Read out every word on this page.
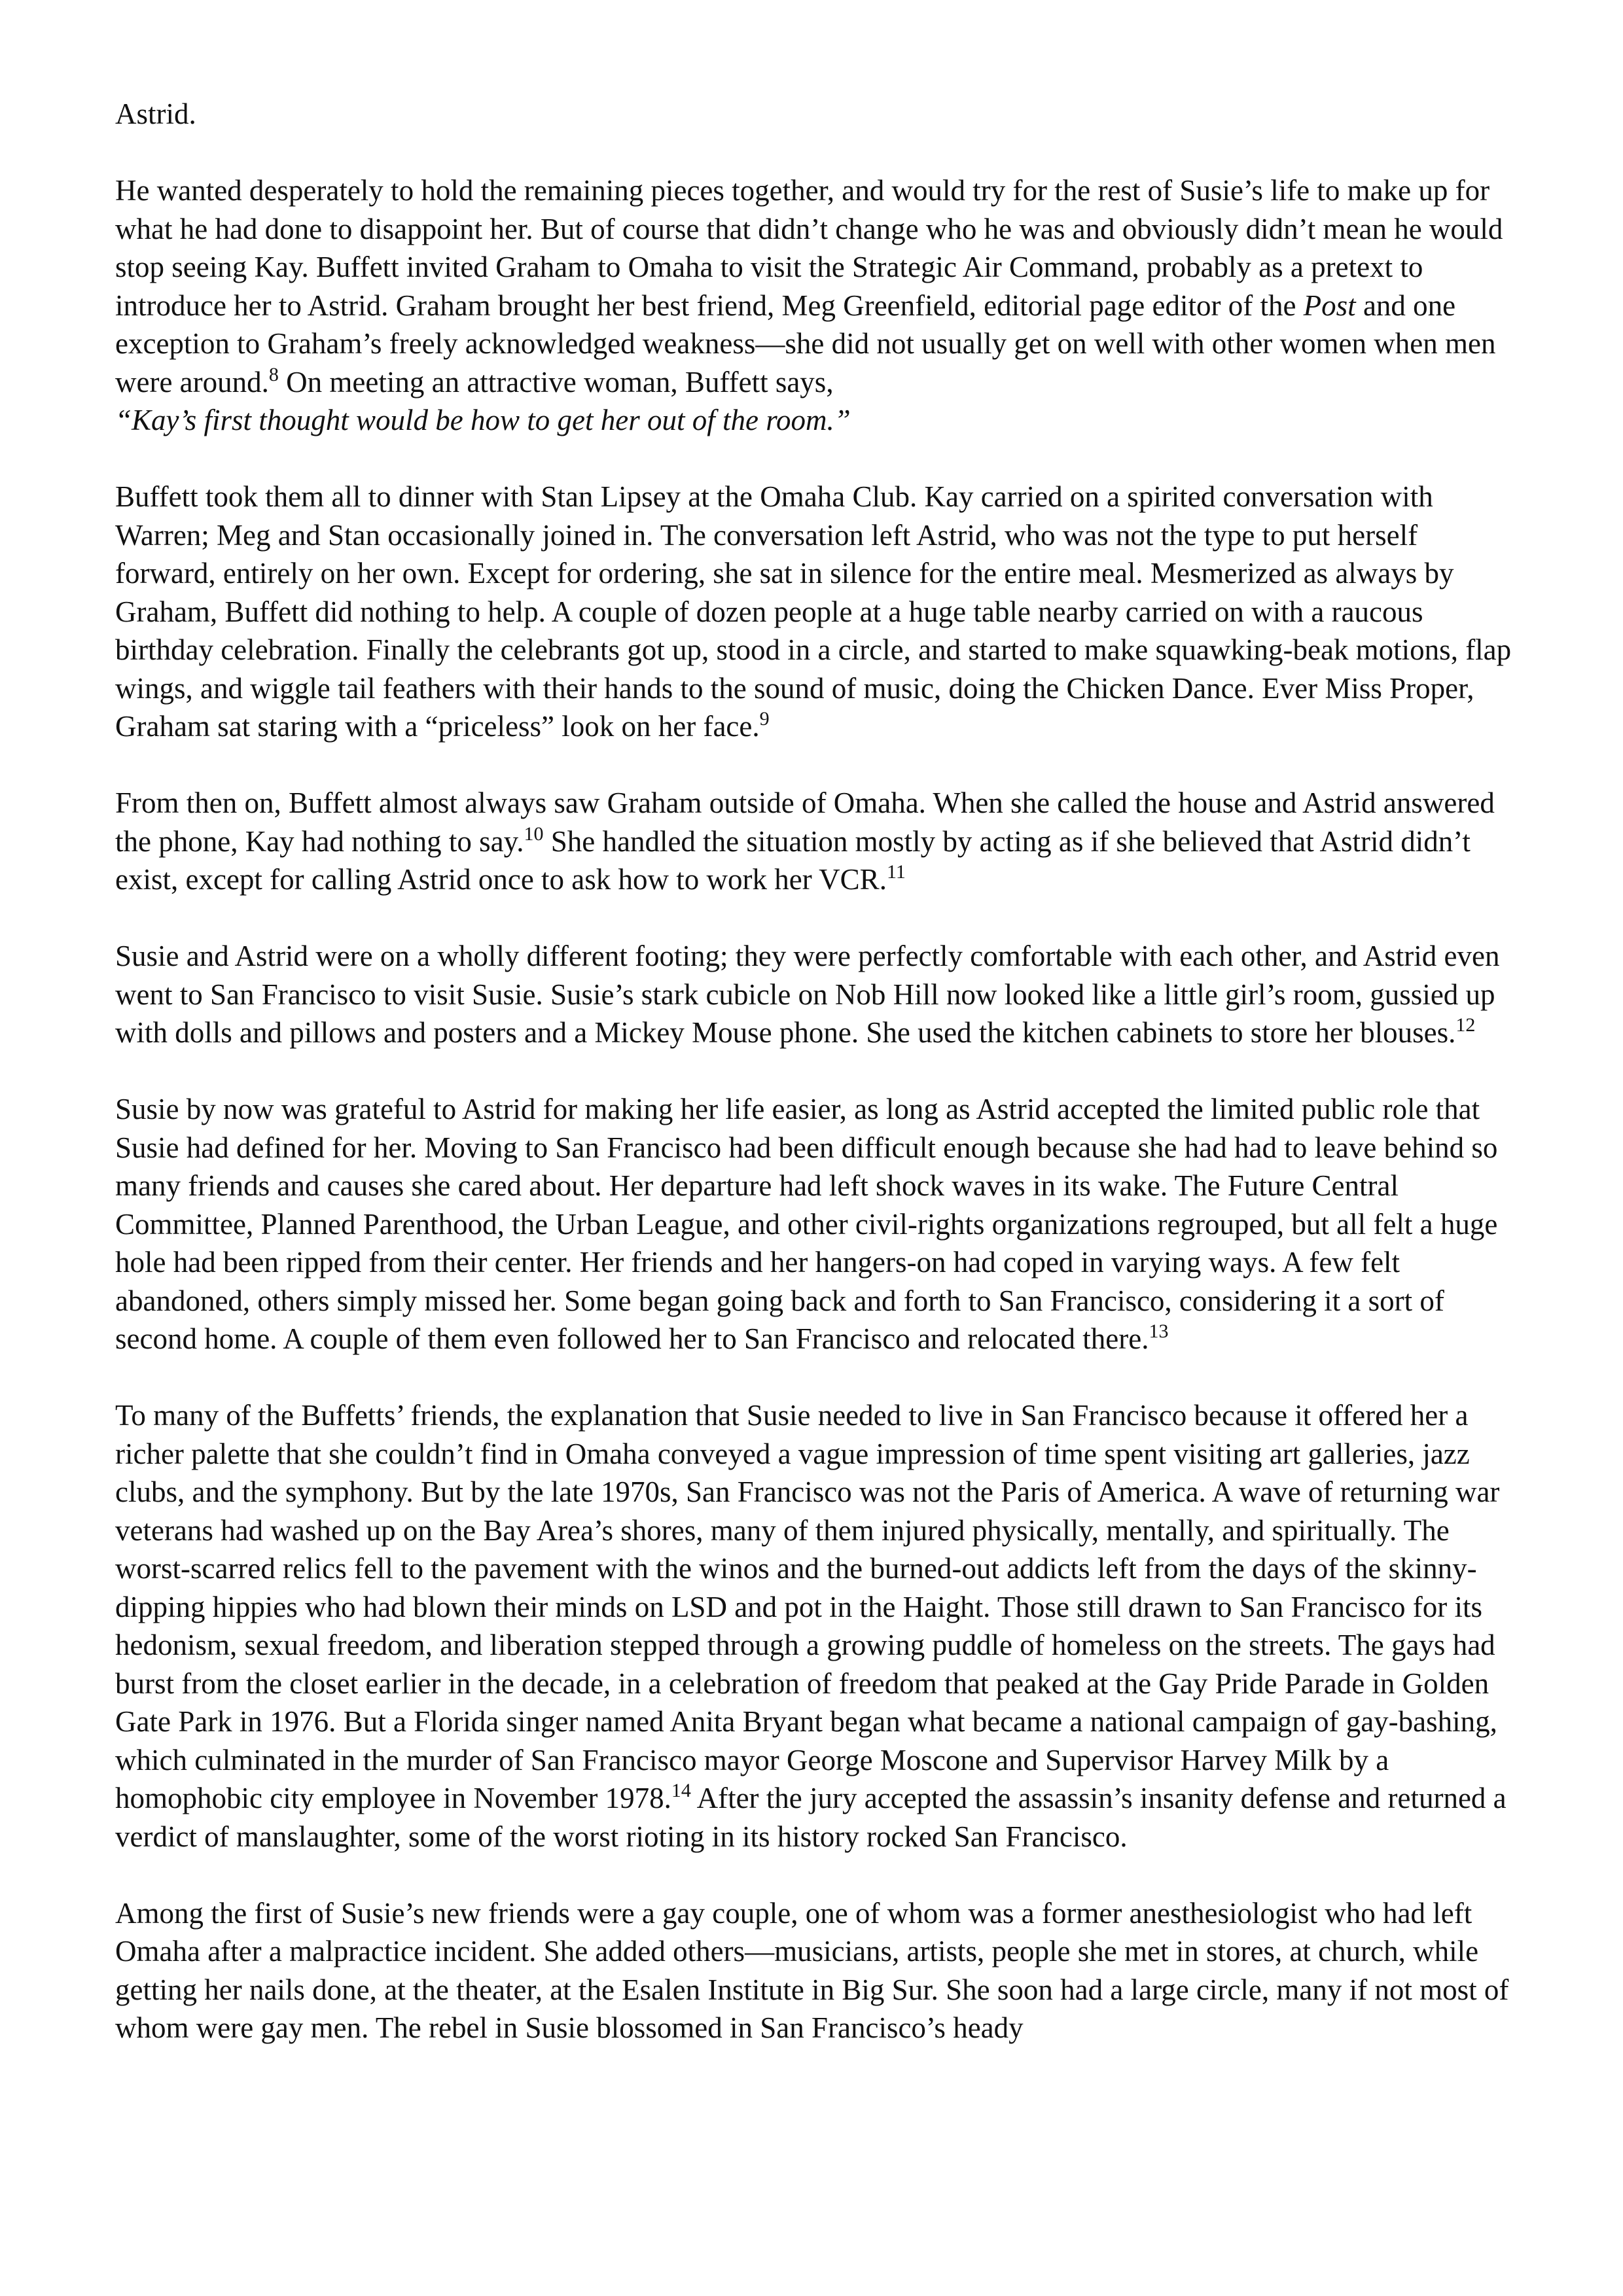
Astrid.

He wanted desperately to hold the remaining pieces together, and would try for the rest of Susie’s life to make up for what he had done to disappoint her. But of course that didn’t change who he was and obviously didn’t mean he would stop seeing Kay. Buffett invited Graham to Omaha to visit the Strategic Air Command, probably as a pretext to introduce her to Astrid. Graham brought her best friend, Meg Greenfield, editorial page editor of the Post and one exception to Graham’s freely acknowledged weakness—she did not usually get on well with other women when men were around.$^8$ On meeting an attractive woman, Buffett says,
“Kay’s first thought would be how to get her out of the room.”

Buffett took them all to dinner with Stan Lipsey at the Omaha Club. Kay carried on a spirited conversation with Warren; Meg and Stan occasionally joined in. The conversation left Astrid, who was not the type to put herself forward, entirely on her own. Except for ordering, she sat in silence for the entire meal. Mesmerized as always by Graham, Buffett did nothing to help. A couple of dozen people at a huge table nearby carried on with a raucous birthday celebration. Finally the celebrants got up, stood in a circle, and started to make squawking-beak motions, flap wings, and wiggle tail feathers with their hands to the sound of music, doing the Chicken Dance. Ever Miss Proper, Graham sat staring with a “priceless” look on her face.$^9$

From then on, Buffett almost always saw Graham outside of Omaha. When she called the house and Astrid answered the phone, Kay had nothing to say.$^{10}$ She handled the situation mostly by acting as if she believed that Astrid didn’t exist, except for calling Astrid once to ask how to work her VCR.$^{11}$

Susie and Astrid were on a wholly different footing; they were perfectly comfortable with each other, and Astrid even went to San Francisco to visit Susie. Susie’s stark cubicle on Nob Hill now looked like a little girl’s room, gussied up with dolls and pillows and posters and a Mickey Mouse phone. She used the kitchen cabinets to store her blouses.$^{12}$

Susie by now was grateful to Astrid for making her life easier, as long as Astrid accepted the limited public role that Susie had defined for her. Moving to San Francisco had been difficult enough because she had had to leave behind so many friends and causes she cared about. Her departure had left shock waves in its wake. The Future Central Committee, Planned Parenthood, the Urban League, and other civil-rights organizations regrouped, but all felt a huge hole had been ripped from their center. Her friends and her hangers-on had coped in varying ways. A few felt abandoned, others simply missed her. Some began going back and forth to San Francisco, considering it a sort of second home. A couple of them even followed her to San Francisco and relocated there.$^{13}$

To many of the Buffetts’ friends, the explanation that Susie needed to live in San Francisco because it offered her a richer palette that she couldn’t find in Omaha conveyed a vague impression of time spent visiting art galleries, jazz clubs, and the symphony. But by the late 1970s, San Francisco was not the Paris of America. A wave of returning war veterans had washed up on the Bay Area’s shores, many of them injured physically, mentally, and spiritually. The worst-scarred relics fell to the pavement with the winos and the burned-out addicts left from the days of the skinny-dipping hippies who had blown their minds on LSD and pot in the Haight. Those still drawn to San Francisco for its hedonism, sexual freedom, and liberation stepped through a growing puddle of homeless on the streets. The gays had burst from the closet earlier in the decade, in a celebration of freedom that peaked at the Gay Pride Parade in Golden Gate Park in 1976. But a Florida singer named Anita Bryant began what became a national campaign of gay-bashing, which culminated in the murder of San Francisco mayor George Moscone and Supervisor Harvey Milk by a homophobic city employee in November 1978.14 After the jury accepted the assassin’s insanity defense and returned a verdict of manslaughter, some of the worst rioting in its history rocked San Francisco.

Among the first of Susie’s new friends were a gay couple, one of whom was a former anesthesiologist who had left Omaha after a malpractice incident. She added others—musicians, artists, people she met in stores, at church, while getting her nails done, at the theater, at the Esalen Institute in Big Sur. She soon had a large circle, many if not most of whom were gay men. The rebel in Susie blossomed in San Francisco’s heady
